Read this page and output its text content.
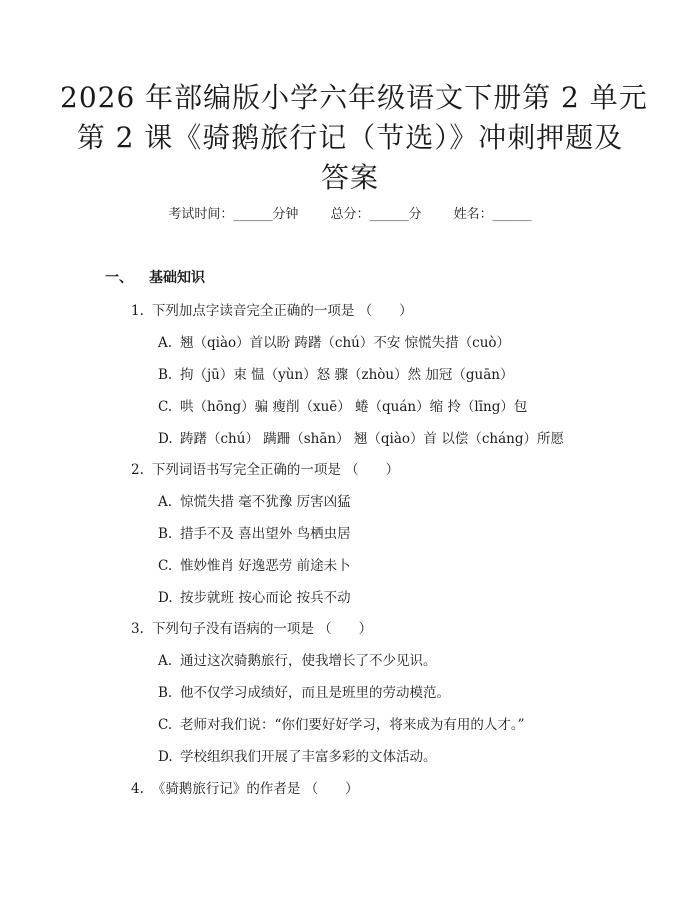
2026 年部编版小学六年级语文下册第 2 单元
第 2 课《骑鹅旅行记（节选）》冲刺押题及
答案
考试时间：______分钟 总分：______分 姓名：______
一、 基础知识
1. 下列加点字读音完全正确的一项是 （　　）
A. 翘（qiào）首以盼 踌躇（chú）不安 惊慌失措（cuò）
B. 拘（jū）束 愠（yùn）怒 骤（zhòu）然 加冠（guān）
C. 哄（hōng）骗 瘦削（xuē） 蜷（quán）缩 拎（līng）包
D. 踌躇（chú） 蹒跚（shān） 翘（qiào）首 以偿（cháng）所愿
2. 下列词语书写完全正确的一项是 （　　）
A. 惊慌失措 毫不犹豫 厉害凶猛
B. 措手不及 喜出望外 鸟栖虫居
C. 惟妙惟肖 好逸恶劳 前途未卜
D. 按步就班 按心而论 按兵不动
3. 下列句子没有语病的一项是 （　　）
A. 通过这次骑鹅旅行，使我增长了不少见识。
B. 他不仅学习成绩好，而且是班里的劳动模范。
C. 老师对我们说：“你们要好好学习，将来成为有用的人才。”
D. 学校组织我们开展了丰富多彩的文体活动。
4. 《骑鹅旅行记》的作者是 （　　）
